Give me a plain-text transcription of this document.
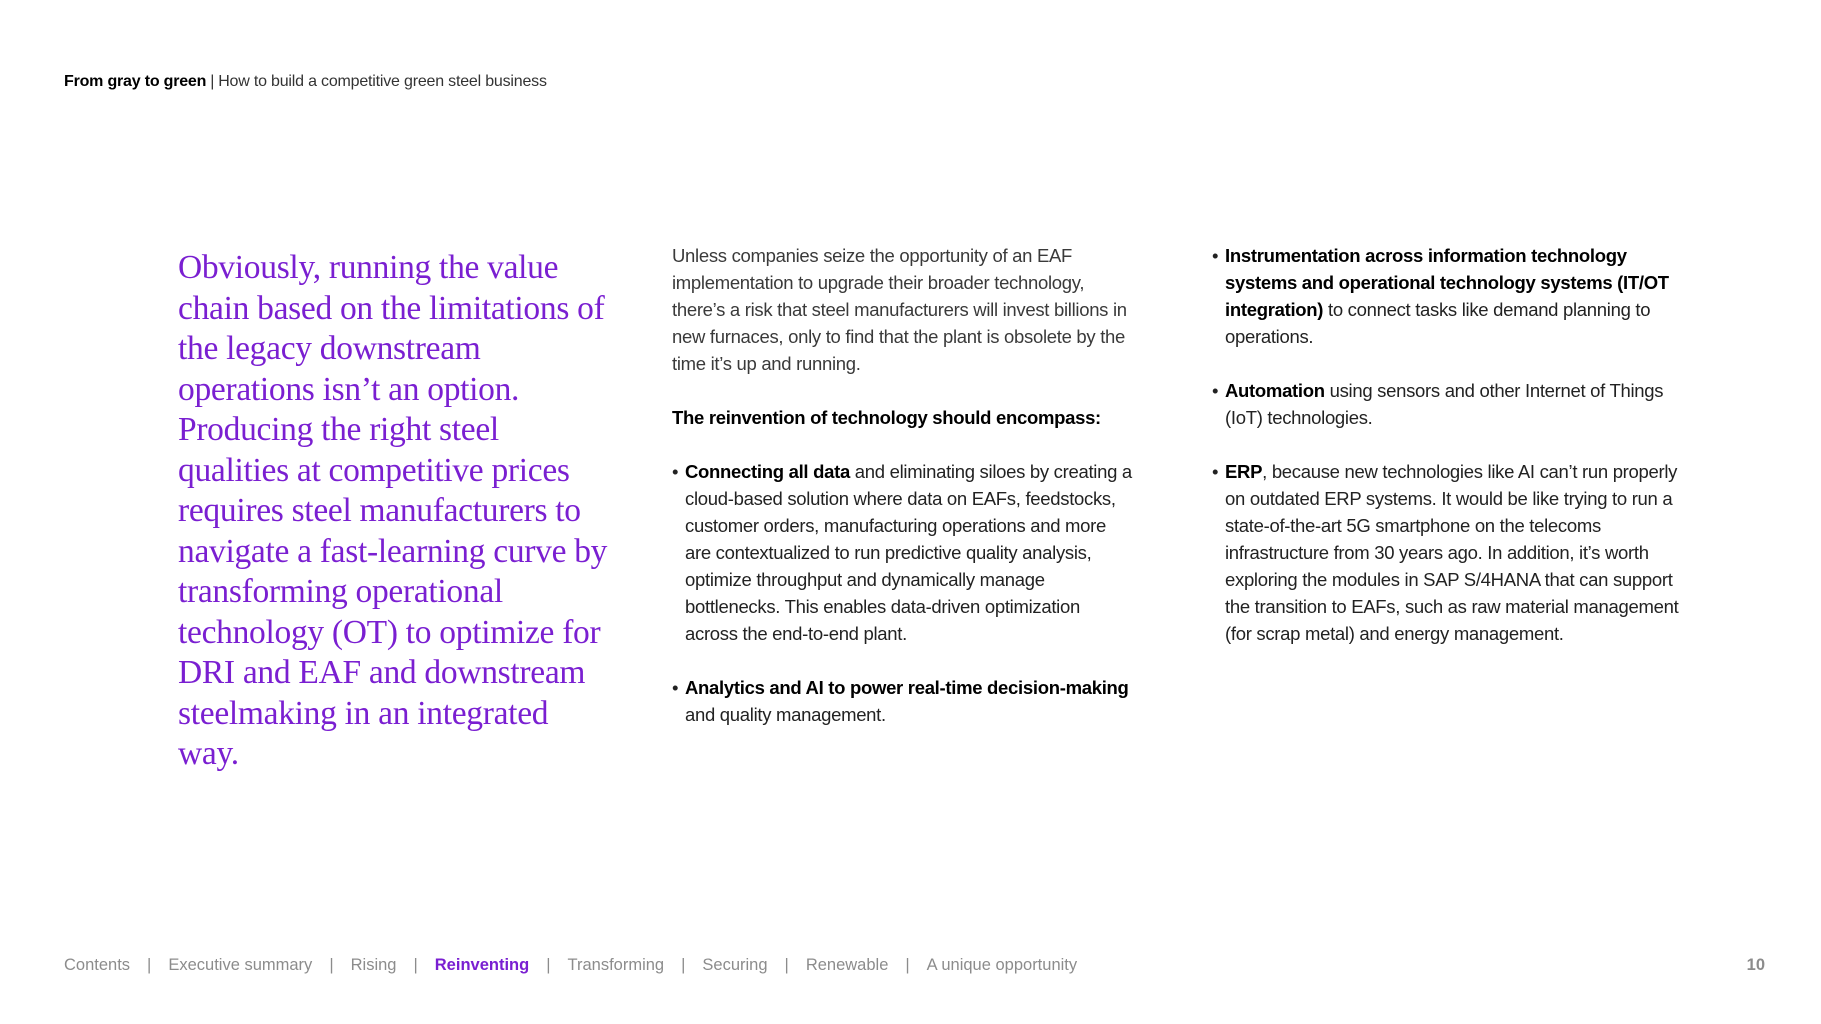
From gray to green | How to build a competitive green steel business
Obviously, running the value chain based on the limitations of the legacy downstream operations isn’t an option. Producing the right steel qualities at competitive prices requires steel manufacturers to navigate a fast-learning curve by transforming operational technology (OT) to optimize for DRI and EAF and downstream steelmaking in an integrated way.

Unless companies seize the opportunity of an EAF implementation to upgrade their broader technology, there’s a risk that steel manufacturers will invest billions in new furnaces, only to find that the plant is obsolete by the time it’s up and running.

The reinvention of technology should encompass:

• Connecting all data and eliminating siloes by creating a cloud-based solution where data on EAFs, feedstocks, customer orders, manufacturing operations and more are contextualized to run predictive quality analysis, optimize throughput and dynamically manage bottlenecks. This enables data-driven optimization across the end-to-end plant.
• Analytics and AI to power real-time decision-making and quality management.
• Instrumentation across information technology systems and operational technology systems (IT/OT integration) to connect tasks like demand planning to operations.
• Automation using sensors and other Internet of Things (IoT) technologies.
• ERP, because new technologies like AI can’t run properly on outdated ERP systems. It would be like trying to run a state-of-the-art 5G smartphone on the telecoms infrastructure from 30 years ago. In addition, it’s worth exploring the modules in SAP S/4HANA that can support the transition to EAFs, such as raw material management (for scrap metal) and energy management.
Contents | Executive summary | Rising | Reinventing | Transforming | Securing | Renewable | A unique opportunity	10
